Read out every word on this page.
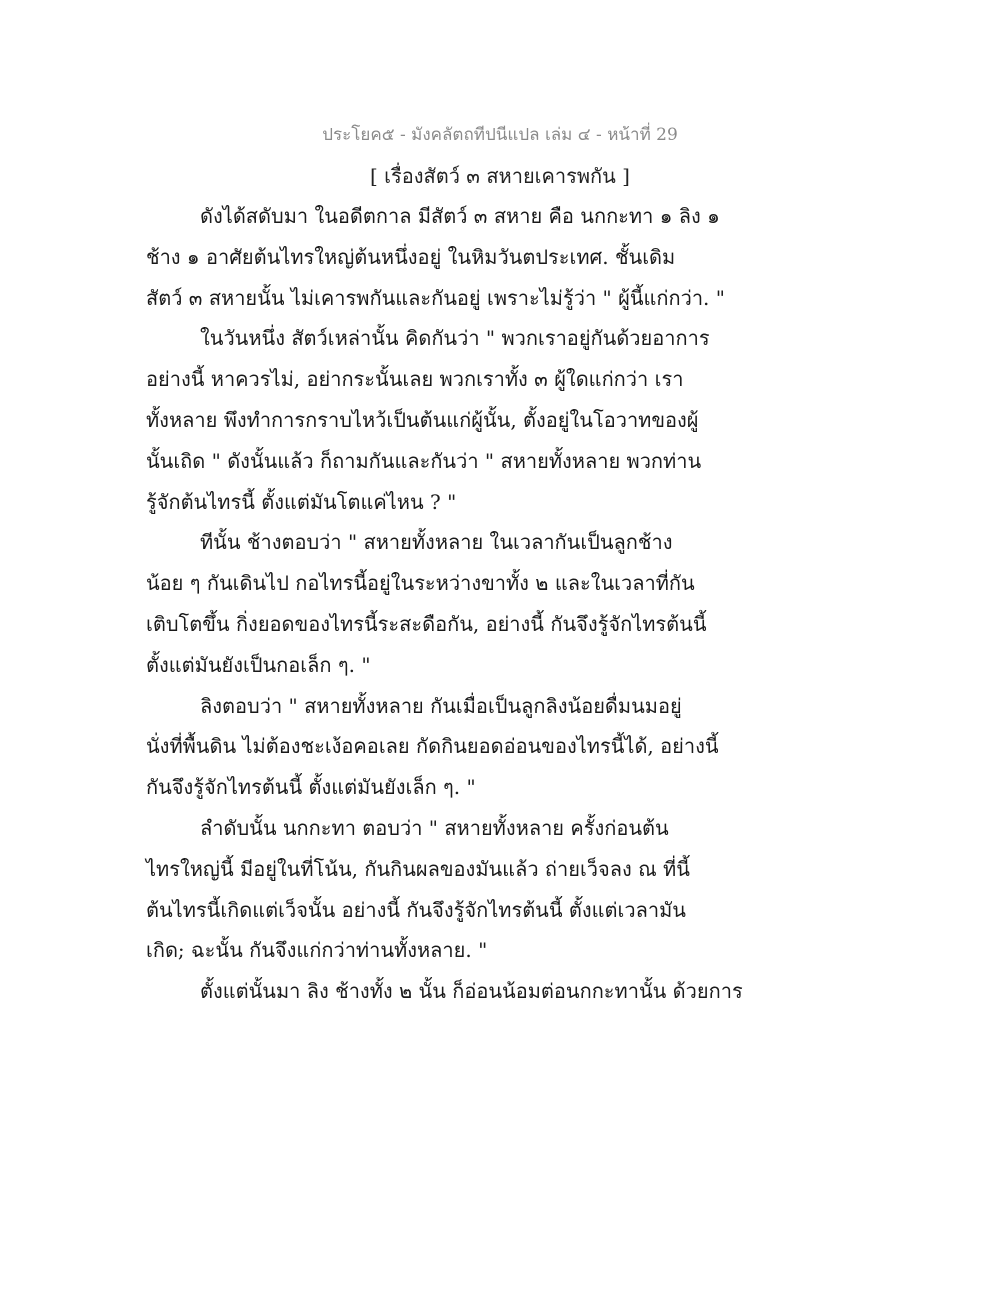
ประโยค๕ - มังคลัตถทีปนีแปล เล่ม ๔ - หน้าที่ 29
[ เรื่องสัตว์ ๓ สหายเคารพกัน ]
ดังได้สดับมา ในอดีตกาล มีสัตว์ ๓ สหาย คือ นกกะทา ๑ ลิง ๑
ช้าง ๑ อาศัยต้นไทรใหญ่ต้นหนึ่งอยู่ ในหิมวันตประเทศ. ชั้นเดิม
สัตว์ ๓ สหายนั้น ไม่เคารพกันและกันอยู่ เพราะไม่รู้ว่า " ผู้นี้แก่กว่า. "
ในวันหนึ่ง สัตว์เหล่านั้น คิดกันว่า " พวกเราอยู่กันด้วยอาการ
อย่างนี้ หาควรไม่, อย่ากระนั้นเลย พวกเราทั้ง ๓ ผู้ใดแก่กว่า เรา
ทั้งหลาย พึงทำการกราบไหว้เป็นต้นแก่ผู้นั้น, ตั้งอยู่ในโอวาทของผู้
นั้นเถิด " ดังนั้นแล้ว ก็ถามกันและกันว่า " สหายทั้งหลาย พวกท่าน
รู้จักต้นไทรนี้ ตั้งแต่มันโตแค่ไหน ? "
ทีนั้น ช้างตอบว่า " สหายทั้งหลาย ในเวลากันเป็นลูกช้าง
น้อย ๆ กันเดินไป กอไทรนี้อยู่ในระหว่างขาทั้ง ๒ และในเวลาที่กัน
เติบโตขึ้น กิ่งยอดของไทรนี้ระสะดือกัน, อย่างนี้ กันจึงรู้จักไทรต้นนี้
ตั้งแต่มันยังเป็นกอเล็ก ๆ. "
ลิงตอบว่า " สหายทั้งหลาย กันเมื่อเป็นลูกลิงน้อยดื่มนมอยู่
นั่งที่พื้นดิน ไม่ต้องชะเง้อคอเลย กัดกินยอดอ่อนของไทรนี้ได้, อย่างนี้
กันจึงรู้จักไทรต้นนี้ ตั้งแต่มันยังเล็ก ๆ. "
ลำดับนั้น นกกะทา ตอบว่า " สหายทั้งหลาย ครั้งก่อนต้น
ไทรใหญ่นี้ มีอยู่ในที่โน้น, กันกินผลของมันแล้ว ถ่ายเว็จลง ณ ที่นี้
ต้นไทรนี้เกิดแต่เว็จนั้น อย่างนี้ กันจึงรู้จักไทรต้นนี้ ตั้งแต่เวลามัน
เกิด; ฉะนั้น กันจึงแก่กว่าท่านทั้งหลาย. "
ตั้งแต่นั้นมา ลิง ช้างทั้ง ๒ นั้น ก็อ่อนน้อมต่อนกกะทานั้น ด้วยการ
